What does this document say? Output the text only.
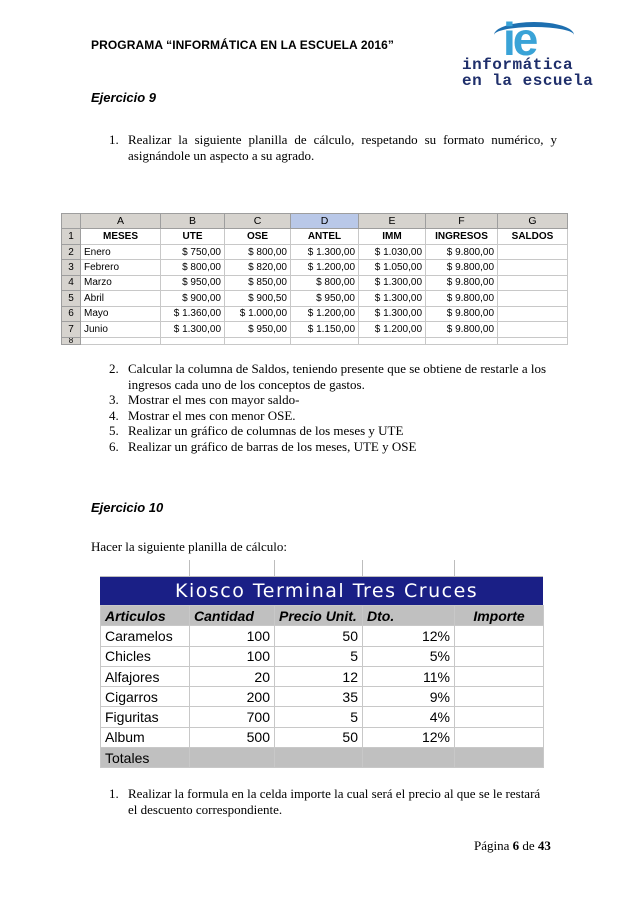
PROGRAMA “INFORMÁTICA EN LA ESCUELA 2016” ie
informática
en la escuela
Ejercicio 9
1. Realizar la siguiente planilla de cálculo, respetando su formato numérico, y asignándole un aspecto a su agrado.
	A	B	C	D	E	F	G
1	MESES	UTE	OSE	ANTEL	IMM	INGRESOS	SALDOS
2	Enero	$ 750,00	$ 800,00	$ 1.300,00	$ 1.030,00	$ 9.800,00	
3	Febrero	$ 800,00	$ 820,00	$ 1.200,00	$ 1.050,00	$ 9.800,00	
4	Marzo	$ 950,00	$ 850,00	$ 800,00	$ 1.300,00	$ 9.800,00	
5	Abril	$ 900,00	$ 900,50	$ 950,00	$ 1.300,00	$ 9.800,00	
6	Mayo	$ 1.360,00	$ 1.000,00	$ 1.200,00	$ 1.300,00	$ 9.800,00	
7	Junio	$ 1.300,00	$ 950,00	$ 1.150,00	$ 1.200,00	$ 9.800,00	
8							
2. Calcular la columna de Saldos, teniendo presente que se obtiene de restarle a los ingresos cada uno de los conceptos de gastos.
3. Mostrar el mes con mayor saldo-
4. Mostrar el mes con menor OSE.
5. Realizar un gráfico de columnas de los meses y UTE
6. Realizar un gráfico de barras de los meses, UTE y OSE
Ejercicio 10
Hacer la siguiente planilla de cálculo:
Kiosco Terminal Tres Cruces
Articulos	Cantidad	Precio Unit.	Dto.	Importe
Caramelos	100	50	12%	
Chicles	100	5	5%	
Alfajores	20	12	11%	
Cigarros	200	35	9%	
Figuritas	700	5	4%	
Album	500	50	12%	
Totales				
1. Realizar la formula en la celda importe la cual será el precio al que se le restará el descuento correspondiente.
Página 6 de 43
